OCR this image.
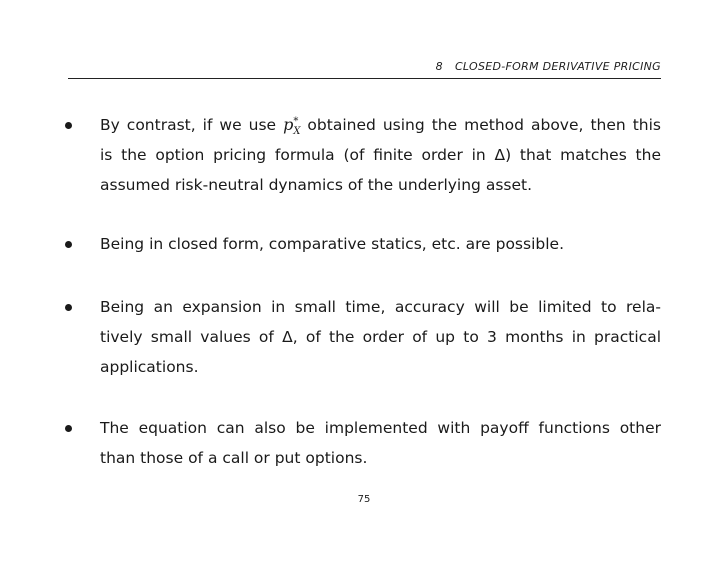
8 CLOSED-FORM DERIVATIVE PRICING
By contrast, if we use $p^*_X$ obtained using the method above, then this
is the option pricing formula (of finite order in Δ) that matches the
assumed risk-neutral dynamics of the underlying asset.
Being in closed form, comparative statics, etc. are possible.
Being an expansion in small time, accuracy will be limited to rela-
tively small values of Δ, of the order of up to 3 months in practical
applications.
The equation can also be implemented with payoff functions other
than those of a call or put options.
75
